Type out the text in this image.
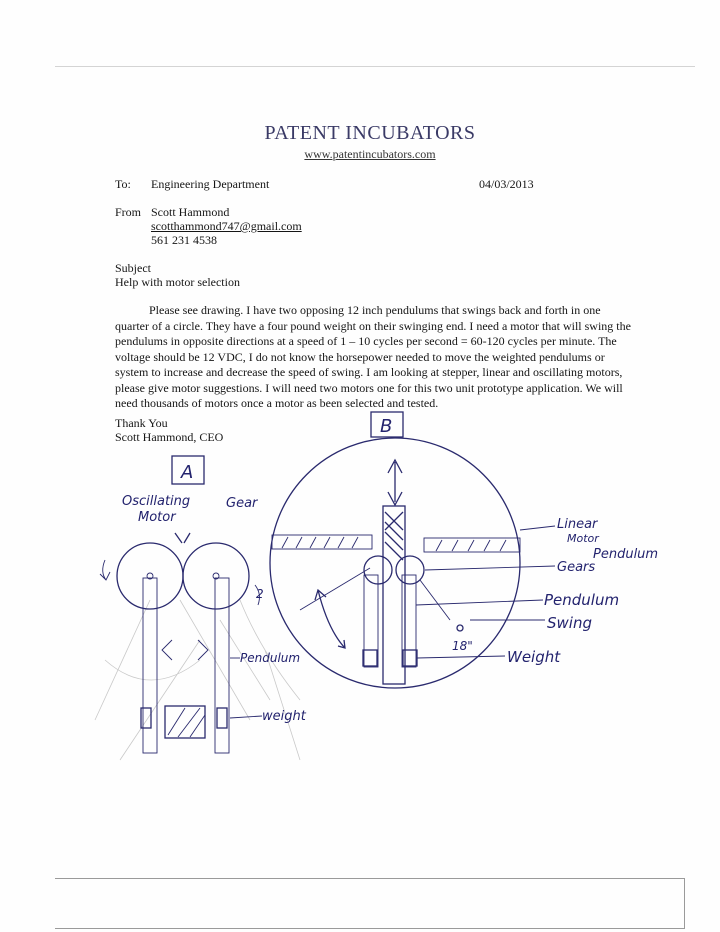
PATENT INCUBATORS
www.patentincubators.com
To: Engineering Department	04/03/2013
From Scott Hammond
scotthammond747@gmail.com
561 231 4538
Subject
Help with motor selection
Please see drawing. I have two opposing 12 inch pendulums that swings back and forth in one quarter of a circle. They have a four pound weight on their swinging end. I need a motor that will swing the pendulums in opposite directions at a speed of 1 – 10 cycles per second = 60-120 cycles per minute. The voltage should be 12 VDC, I do not know the horsepower needed to move the weighted pendulums or system to increase and decrease the speed of swing. I am looking at stepper, linear and oscillating motors, please give motor suggestions. I will need two motors one for this two unit prototype application. We will need thousands of motors once a motor as been selected and tested.
Thank You
Scott Hammond, CEO
A
Oscillating
Motor
Gear
2
Pendulum
weight
B
18"
Linear
Motor
Pendulum
Gears
Pendulum
Swing
Weight
